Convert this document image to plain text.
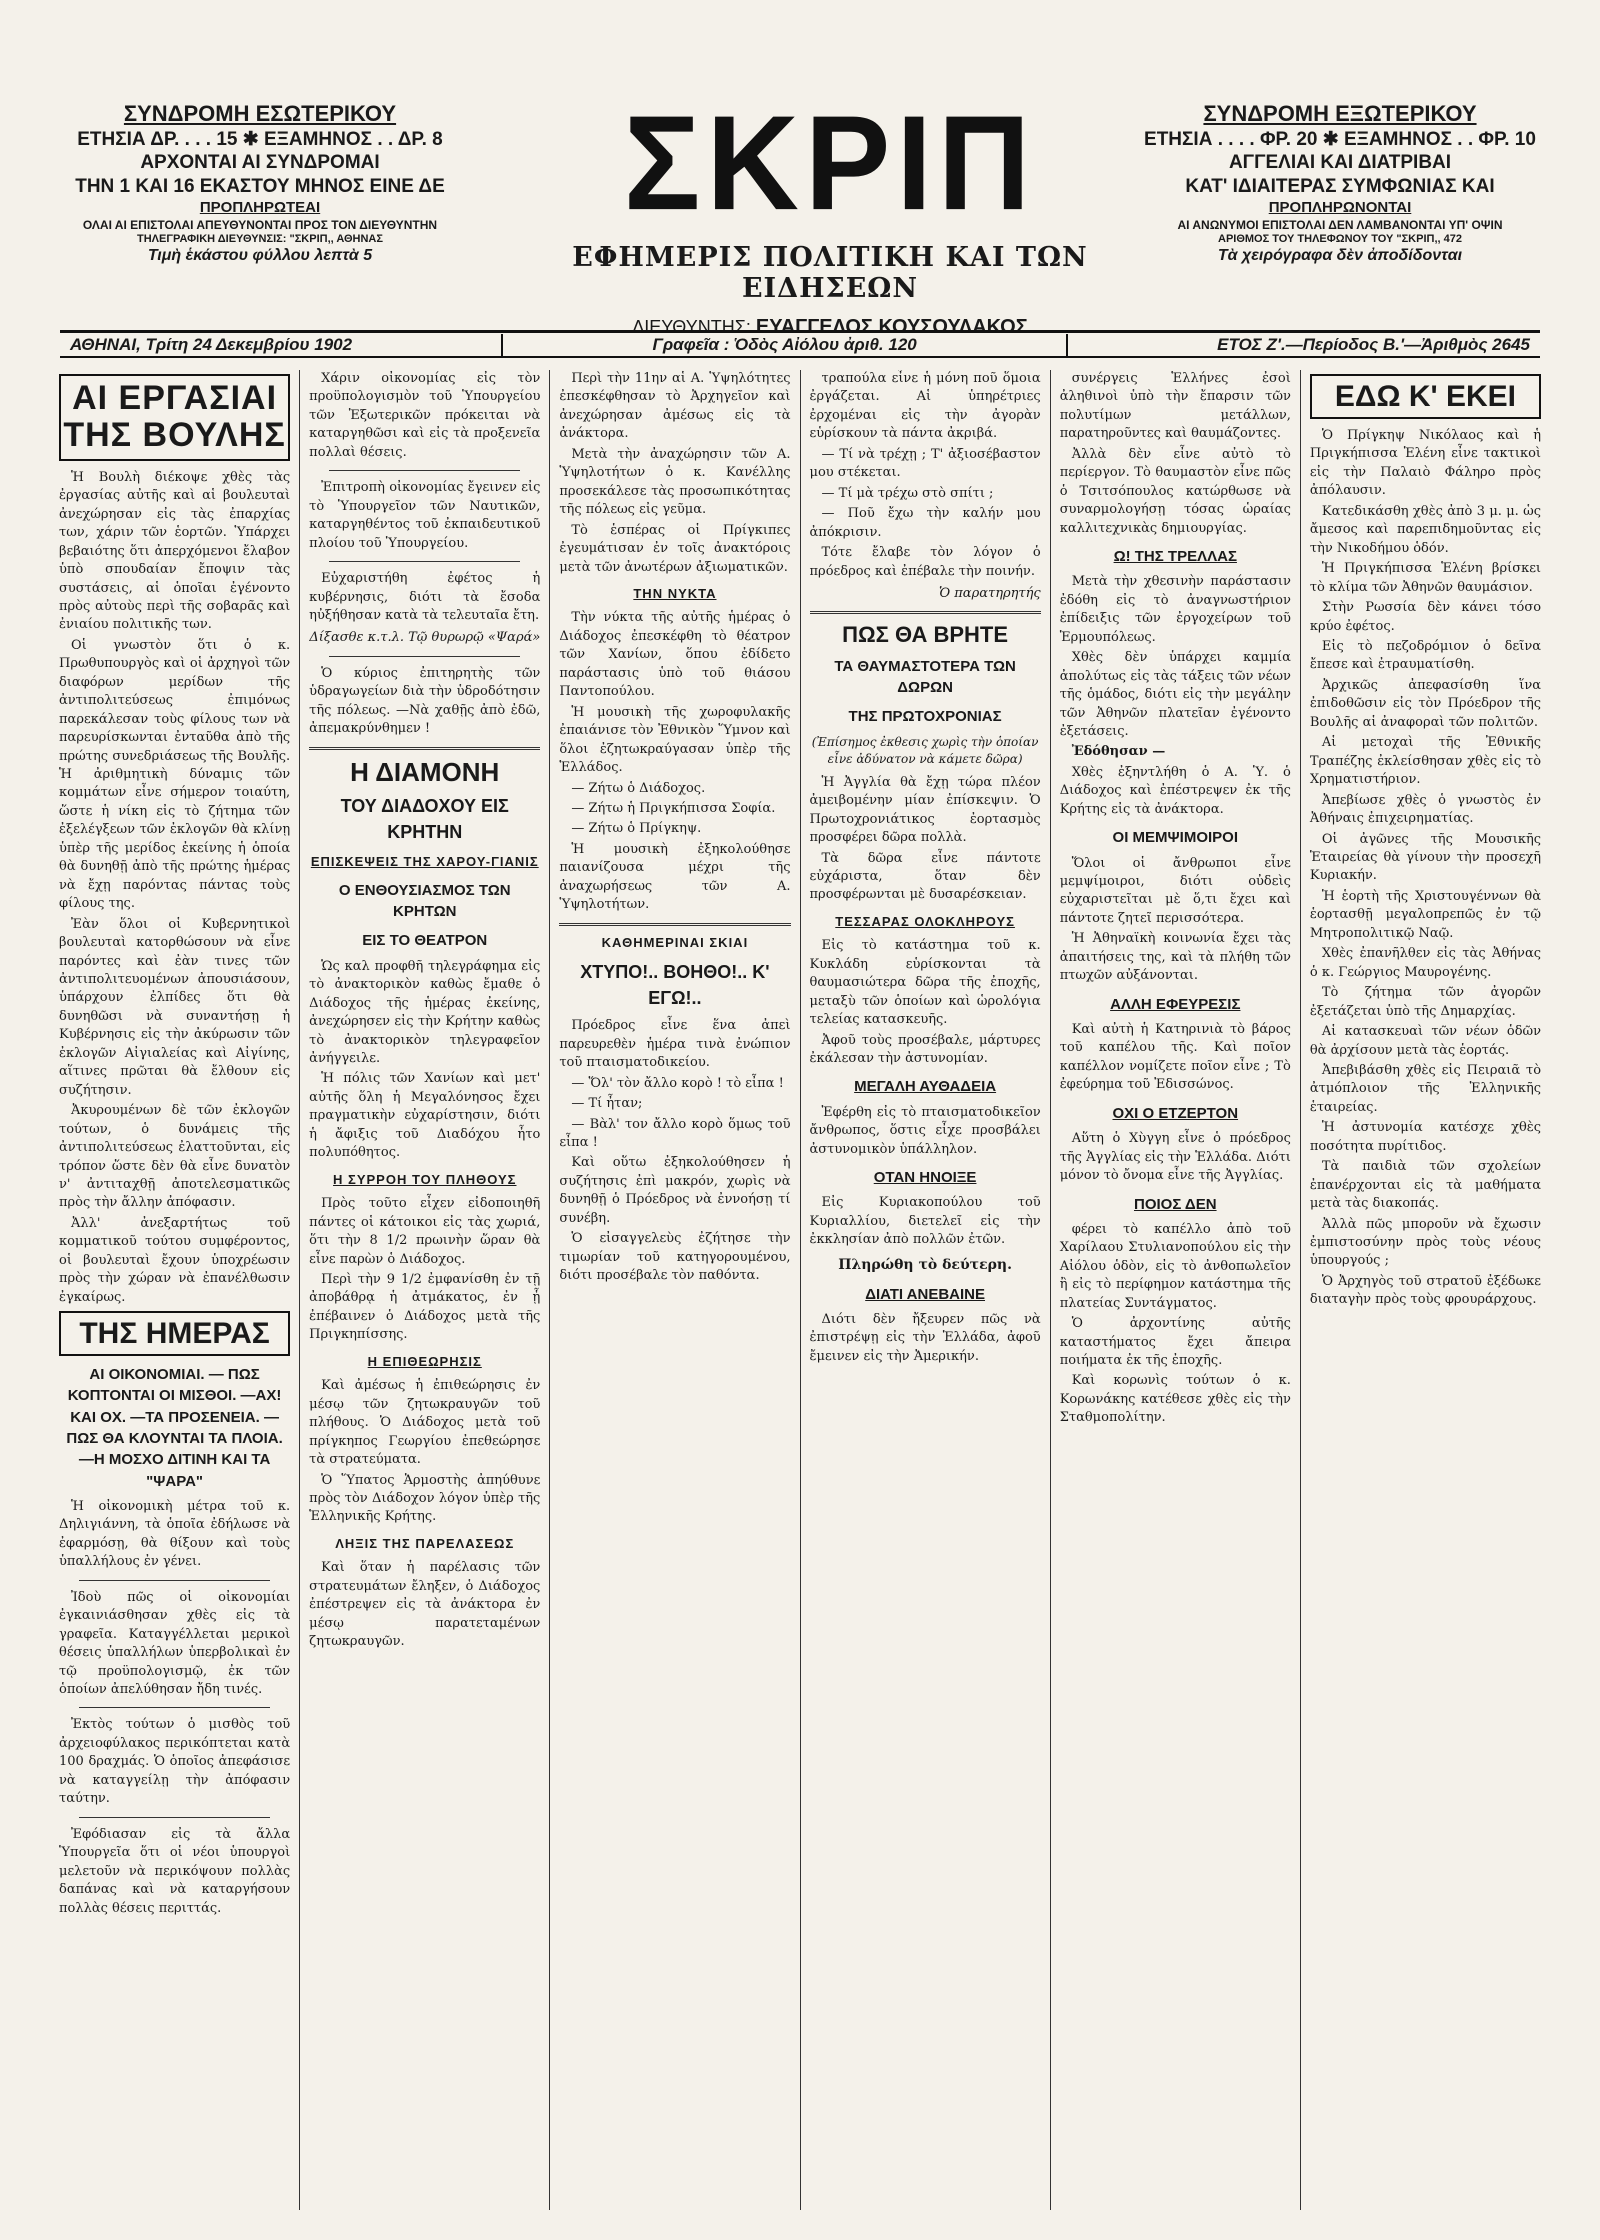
ΣΥΝΔΡΟΜΗ ΕΣΩΤΕΡΙΚΟΥ
ΕΤΗΣΙΑ ΔΡ. . . . 15 ✱ ΕΞΑΜΗΝΟΣ . . ΔΡ. 8
ΑΡΧΟΝΤΑΙ ΑΙ ΣΥΝΔΡΟΜΑΙ
ΤΗΝ 1 ΚΑΙ 16 ΕΚΑΣΤΟΥ ΜΗΝΟΣ ΕΙΝΕ ΔΕ
ΠΡΟΠΛΗΡΩΤΕΑΙ
ΟΛΑΙ ΑΙ ΕΠΙΣΤΟΛΑΙ ΑΠΕΥΘΥΝΟΝΤΑΙ ΠΡΟΣ ΤΟΝ ΔΙΕΥΘΥΝΤΗΝ
ΤΗΛΕΓΡΑΦΙΚΗ ΔΙΕΥΘΥΝΣΙΣ: "ΣΚΡΙΠ,, ΑΘΗΝΑΣ
Τιμὴ ἑκάστου φύλλου λεπτὰ 5
ΣΚΡΙΠ
ΕΦΗΜΕΡΙΣ ΠΟΛΙΤΙΚΗ ΚΑΙ ΤΩΝ ΕΙΔΗΣΕΩΝ
ΔΙΕΥΘΥΝΤΗΣ: ΕΥΑΓΓΕΛΟΣ ΚΟΥΣΟΥΛΑΚΟΣ
ΣΥΝΔΡΟΜΗ ΕΞΩΤΕΡΙΚΟΥ
ΕΤΗΣΙΑ . . . . ΦΡ. 20 ✱ ΕΞΑΜΗΝΟΣ . . ΦΡ. 10
ΑΓΓΕΛΙΑΙ ΚΑΙ ΔΙΑΤΡΙΒΑΙ
ΚΑΤ' ΙΔΙΑΙΤΕΡΑΣ ΣΥΜΦΩΝΙΑΣ ΚΑΙ
ΠΡΟΠΛΗΡΩΝΟΝΤΑΙ
ΑΙ ΑΝΩΝΥΜΟΙ ΕΠΙΣΤΟΛΑΙ ΔΕΝ ΛΑΜΒΑΝΟΝΤΑΙ ΥΠ' ΟΨΙΝ
ΑΡΙΘΜΟΣ ΤΟΥ ΤΗΛΕΦΩΝΟΥ ΤΟΥ "ΣΚΡΙΠ,, 472
Τὰ χειρόγραφα δὲν ἀποδίδονται
ΑΘΗΝΑΙ, Τρίτη 24 Δεκεμβρίου 1902	Γραφεῖα : Ὁδὸς Αἰόλου ἀριθ. 120	ΕΤΟΣ Ζ'.—Περίοδος Β.'—Ἀριθμὸς 2645
ΑΙ ΕΡΓΑΣΙΑΙ
ΤΗΣ ΒΟΥΛΗΣ

Ἡ Βουλὴ διέκοψε χθὲς τὰς ἐργασίας αὐτῆς καὶ αἱ βουλευταὶ ἀνεχώρησαν εἰς τὰς ἐπαρχίας των, χάριν τῶν ἑορτῶν. Ὑπάρχει βεβαιότης ὅτι ἀπερχόμενοι ἔλαβον ὑπὸ σπουδαίαν ἔποψιν τὰς συστάσεις, αἱ ὁποῖαι ἐγένοντο πρὸς αὐτοὺς περὶ τῆς σοβαρᾶς καὶ ἐνιαίου πολιτικῆς των.

Οἱ γνωστὸν ὅτι ὁ κ. Πρωθυπουργὸς καὶ οἱ ἀρχηγοὶ τῶν διαφόρων μερίδων τῆς ἀντιπολιτεύσεως ἐπιμόνως παρεκάλεσαν τοὺς φίλους των νὰ παρευρίσκωνται ἐνταῦθα ἀπὸ τῆς πρώτης συνεδριάσεως τῆς Βουλῆς. Ἡ ἀριθμητικὴ δύναμις τῶν κομμάτων εἶνε σήμερον τοιαύτη, ὥστε ἡ νίκη εἰς τὸ ζήτημα τῶν ἐξελέγξεων τῶν ἐκλογῶν θὰ κλίνῃ ὑπὲρ τῆς μερίδος ἐκείνης ἡ ὁποία θὰ δυνηθῇ ἀπὸ τῆς πρώτης ἡμέρας νὰ ἔχῃ παρόντας πάντας τοὺς φίλους της.

Ἐὰν ὅλοι οἱ Κυβερνητικοὶ βουλευταὶ κατορθώσουν νὰ εἶνε παρόντες καὶ ἐὰν τινες τῶν ἀντιπολιτευομένων ἀπουσιάσουν, ὑπάρχουν ἐλπίδες ὅτι θὰ δυνηθῶσι νὰ συναντήσῃ ἡ Κυβέρνησις εἰς τὴν ἀκύρωσιν τῶν ἐκλογῶν Αἰγιαλείας καὶ Αἰγίνης, αἵτινες πρῶται θὰ ἔλθουν εἰς συζήτησιν.

Ἀκυρουμένων δὲ τῶν ἐκλογῶν τούτων, ὁ δυνάμεις τῆς ἀντιπολιτεύσεως ἐλαττοῦνται, εἰς τρόπον ὥστε δὲν θὰ εἶνε δυνατὸν ν' ἀντιταχθῇ ἀποτελεσματικῶς πρὸς τὴν ἄλλην ἀπόφασιν.

Ἀλλ' ἀνεξαρτήτως τοῦ κομματικοῦ τούτου συμφέροντος, οἱ βουλευταὶ ἔχουν ὑποχρέωσιν πρὸς τὴν χώραν νὰ ἐπανέλθωσιν ἐγκαίρως.

ΤΗΣ ΗΜΕΡΑΣ
ΑΙ ΟΙΚΟΝΟΜΙΑΙ. — ΠΩΣ ΚΟΠΤΟΝΤΑΙ ΟΙ ΜΙΣΘΟΙ. —ΑΧ! ΚΑΙ ΟΧ. —ΤΑ ΠΡΟΣΕΝΕΙΑ. —ΠΩΣ ΘΑ ΚΛΟΥΝΤΑΙ ΤΑ ΠΛΟΙΑ. —Η ΜΟΣΧΟ ΔΙΤΙΝΗ ΚΑΙ ΤΑ "ΨΑΡΑ"

Ἡ οἰκονομικὴ μέτρα τοῦ κ. Δηλιγιάννη, τὰ ὁποῖα ἐδήλωσε νὰ ἐφαρμόσῃ, θὰ θίξουν καὶ τοὺς ὑπαλλήλους ἐν γένει.

Ἰδοὺ πῶς οἱ οἰκονομίαι ἐγκαινιάσθησαν χθὲς εἰς τὰ γραφεῖα. Καταγγέλλεται μερικοὶ θέσεις ὑπαλλήλων ὑπερβολικαὶ ἐν τῷ προϋπολογισμῷ, ἐκ τῶν ὁποίων ἀπελύθησαν ἤδη τινές.

Ἐκτὸς τούτων ὁ μισθὸς τοῦ ἀρχειοφύλακος περικόπτεται κατὰ 100 δραχμάς. Ὁ ὁποῖος ἀπεφάσισε νὰ καταγγείλῃ τὴν ἀπόφασιν ταύτην.

Ἐφόδιασαν εἰς τὰ ἄλλα Ὑπουργεῖα ὅτι οἱ νέοι ὑπουργοὶ μελετοῦν νὰ περικόψουν πολλὰς δαπάνας καὶ νὰ καταργήσουν πολλὰς θέσεις περιττάς.

Χάριν οἰκονομίας εἰς τὸν προϋπολογισμὸν τοῦ Ὑπουργείου τῶν Ἐξωτερικῶν πρόκειται νὰ καταργηθῶσι καὶ εἰς τὰ προξενεῖα πολλαὶ θέσεις.

Ἐπιτροπὴ οἰκονομίας ἔγεινεν εἰς τὸ Ὑπουργεῖον τῶν Ναυτικῶν, καταργηθέντος τοῦ ἐκπαιδευτικοῦ πλοίου τοῦ Ὑπουργείου.

Εὐχαριστήθη ἐφέτος ἡ κυβέρνησις, διότι τὰ ἔσοδα ηὐξήθησαν κατὰ τὰ τελευταῖα ἔτη.

Δίξασθε κ.τ.λ. Τῷ θυρωρῷ «Ψαρά»

Ὁ κύριος ἐπιτηρητὴς τῶν ὑδραγωγείων διὰ τὴν ὑδροδότησιν τῆς πόλεως. —Νὰ χαθῇς ἀπὸ ἐδῶ, ἀπεμακρύνθημεν !

Η ΔΙΑΜΟΝΗ
ΤΟΥ ΔΙΑΔΟΧΟΥ ΕΙΣ ΚΡΗΤΗΝ
ΕΠΙΣΚΕΨΕΙΣ ΤΗΣ ΧΑΡΟΥ-ΓΙΑΝΙΣ
Ο ΕΝΘΟΥΣΙΑΣΜΟΣ ΤΩΝ ΚΡΗΤΩΝ
ΕΙΣ ΤΟ ΘΕΑΤΡΟΝ

Ὡς καλ προφθῆ τηλεγράφημα εἰς τὸ ἀνακτορικὸν καθὼς ἔμαθε ὁ Διάδοχος τῆς ἡμέρας ἐκείνης, ἀνεχώρησεν εἰς τὴν Κρήτην καθὼς τὸ ἀνακτορικὸν τηλεγραφεῖον ἀνήγγειλε.

Ἡ πόλις τῶν Χανίων καὶ μετ' αὐτῆς ὅλη ἡ Μεγαλόνησος ἔχει πραγματικὴν εὐχαρίστησιν, διότι ἡ ἄφιξις τοῦ Διαδόχου ἦτο πολυπόθητος.

Η ΣΥΡΡΟΗ ΤΟΥ ΠΛΗΘΟΥΣ

Πρὸς τοῦτο εἶχεν εἰδοποιηθῆ πάντες οἱ κάτοικοι εἰς τὰς χωριά, ὅτι τὴν 8 1/2 πρωινὴν ὥραν θὰ εἶνε παρὼν ὁ Διάδοχος.

Περὶ τὴν 9 1/2 ἐμφανίσθη ἐν τῇ ἀποβάθρᾳ ἡ ἀτμάκατος, ἐν ᾗ ἐπέβαινεν ὁ Διάδοχος μετὰ τῆς Πριγκηπίσσης.

Η ΕΠΙΘΕΩΡΗΣΙΣ

Καὶ ἀμέσως ἡ ἐπιθεώρησις ἐν μέσῳ τῶν ζητωκραυγῶν τοῦ πλήθους. Ὁ Διάδοχος μετὰ τοῦ πρίγκηπος Γεωργίου ἐπεθεώρησε τὰ στρατεύματα.

Ὁ Ὕπατος Ἁρμοστὴς ἀπηύθυνε πρὸς τὸν Διάδοχον λόγον ὑπὲρ τῆς Ἑλληνικῆς Κρήτης.

ΛΗΞΙΣ ΤΗΣ ΠΑΡΕΛΑΣΕΩΣ

Καὶ ὅταν ἡ παρέλασις τῶν στρατευμάτων ἔληξεν, ὁ Διάδοχος ἐπέστρεψεν εἰς τὰ ἀνάκτορα ἐν μέσῳ παρατεταμένων ζητωκραυγῶν.

Περὶ τὴν 11ην αἱ Α. Ὑψηλότητες ἐπεσκέφθησαν τὸ Ἀρχηγεῖον καὶ ἀνεχώρησαν ἀμέσως εἰς τὰ ἀνάκτορα.

Μετὰ τὴν ἀναχώρησιν τῶν Α. Ὑψηλοτήτων ὁ κ. Κανέλλης προσεκάλεσε τὰς προσωπικότητας τῆς πόλεως εἰς γεῦμα.

Τὸ ἑσπέρας οἱ Πρίγκιπες ἐγευμάτισαν ἐν τοῖς ἀνακτόροις μετὰ τῶν ἀνωτέρων ἀξιωματικῶν.

ΤΗΝ ΝΥΚΤΑ

Τὴν νύκτα τῆς αὐτῆς ἡμέρας ὁ Διάδοχος ἐπεσκέφθη τὸ θέατρον τῶν Χανίων, ὅπου ἐδίδετο παράστασις ὑπὸ τοῦ θιάσου Παντοπούλου.

Ἡ μουσικὴ τῆς χωροφυλακῆς ἐπαιάνισε τὸν Ἐθνικὸν Ὕμνον καὶ ὅλοι ἐζητωκραύγασαν ὑπὲρ τῆς Ἑλλάδος.

— Ζήτω ὁ Διάδοχος.

— Ζήτω ἡ Πριγκήπισσα Σοφία.

— Ζήτω ὁ Πρίγκηψ.

Ἡ μουσικὴ ἐξηκολούθησε παιανίζουσα μέχρι τῆς ἀναχωρήσεως τῶν Α. Ὑψηλοτήτων.

ΚΑΘΗΜΕΡΙΝΑΙ ΣΚΙΑΙ
ΧΤΥΠΟ!.. ΒΟΗΘΟ!.. Κ' ΕΓΩ!..

Πρόεδρος εἶνε ἕνα ἀπεὶ παρευρεθὲν ἡμέρα τινὰ ἐνώπιον τοῦ πταισματοδικείου.

— Ὅλ' τὸν ἄλλο κορὸ ! τὸ εἶπα !

— Τί ἦταν;

— Βὰλ' τον ἄλλο κορὸ ὅμως τοῦ εἶπα !

Καὶ οὕτω ἐξηκολούθησεν ἡ συζήτησις ἐπὶ μακρόν, χωρὶς νὰ δυνηθῇ ὁ Πρόεδρος νὰ ἐννοήσῃ τί συνέβη.

Ὁ εἰσαγγελεὺς ἐζήτησε τὴν τιμωρίαν τοῦ κατηγορουμένου, διότι προσέβαλε τὸν παθόντα.

τραπούλα εἶνε ἡ μόνη ποῦ ὅμοια ἐργάζεται. Αἱ ὑπηρέτριες ἐρχομέναι εἰς τὴν ἀγορὰν εὑρίσκουν τὰ πάντα ἀκριβά.

— Τί νὰ τρέχῃ ; Τ' ἀξιοσέβαστον μου στέκεται.

— Τί μὰ τρέχω στὸ σπίτι ;

— Ποῦ ἔχω τὴν καλήν μου ἀπόκρισιν.

Τότε ἔλαβε τὸν λόγον ὁ πρόεδρος καὶ ἐπέβαλε τὴν ποινήν.

Ὁ παρατηρητής
ΠΩΣ ΘΑ ΒΡΗΤΕ
ΤΑ ΘΑΥΜΑΣΤΟΤΕΡΑ ΤΩΝ ΔΩΡΩΝ
ΤΗΣ ΠΡΩΤΟΧΡΟΝΙΑΣ
(Ἐπίσημος ἐκθεσις χωρὶς τὴν ὁποίαν εἶνε ἀδύνατον νὰ κάμετε δῶρα)

Ἡ Ἀγγλία θὰ ἔχῃ τώρα πλέον ἀμειβομένην μίαν ἐπίσκεψιν. Ὁ Πρωτοχρονιάτικος ἐορτασμὸς προσφέρει δῶρα πολλὰ.

Τὰ δῶρα εἶνε πάντοτε εὐχάριστα, ὅταν δὲν προσφέρωνται μὲ δυσαρέσκειαν.

ΤΕΣΣΑΡΑΣ ΟΛΟΚΛΗΡΟΥΣ

Εἰς τὸ κατάστημα τοῦ κ. Κυκλάδη εὑρίσκονται τὰ θαυμασιώτερα δῶρα τῆς ἐποχῆς, μεταξὺ τῶν ὁποίων καὶ ὡρολόγια τελείας κατασκευῆς.

Ἀφοῦ τοὺς προσέβαλε, μάρτυρες ἐκάλεσαν τὴν ἀστυνομίαν.

ΜΕΓΑΛΗ ΑΥΘΑΔΕΙΑ

Ἐφέρθη εἰς τὸ πταισματοδικεῖον ἄνθρωπος, ὅστις εἶχε προσβάλει ἀστυνομικὸν ὑπάλληλον.

ΟΤΑΝ ΗΝΟΙΞΕ

Εἰς Κυριακοπούλου τοῦ Κυριαλλίου, διετελεῖ εἰς τὴν ἐκκλησίαν ἀπὸ πολλῶν ἐτῶν.

Πληρώθη τὸ δεύτερη.
ΔΙΑΤΙ ΑΝΕΒΑΙΝΕ

Διότι δὲν ἤξευρεν πῶς νὰ ἐπιστρέψῃ εἰς τὴν Ἑλλάδα, ἀφοῦ ἔμεινεν εἰς τὴν Ἀμερικήν.

συνέργεις Ἑλλήνες ἐσοὶ ἀληθινοὶ ὑπὸ τὴν ἔπαρσιν τῶν πολυτίμων μετάλλων, παρατηροῦντες καὶ θαυμάζοντες.

Ἀλλὰ δὲν εἶνε αὐτὸ τὸ περίεργον. Τὸ θαυμαστὸν εἶνε πῶς ὁ Τσιτσόπουλος κατώρθωσε νὰ συναρμολογήσῃ τόσας ὡραίας καλλιτεχνικὰς δημιουργίας.

Ω! ΤΗΣ ΤΡΕΛΛΑΣ

Μετὰ τὴν χθεσινὴν παράστασιν ἐδόθη εἰς τὸ ἀναγνωστήριον ἐπίδειξις τῶν ἐργοχείρων τοῦ Ἑρμουπόλεως.

Χθὲς δὲν ὑπάρχει καμμία ἀπολύτως εἰς τὰς τάξεις τῶν νέων τῆς ὁμάδος, διότι εἰς τὴν μεγάλην τῶν Ἀθηνῶν πλατεῖαν ἐγένοντο ἐξετάσεις.

Ἐδόθησαν —

Χθὲς ἐξηντλήθη ὁ Α. Ὑ. ὁ Διάδοχος καὶ ἐπέστρεψεν ἐκ τῆς Κρήτης εἰς τὰ ἀνάκτορα.

ΟΙ ΜΕΜΨΙΜΟΙΡΟΙ

Ὅλοι οἱ ἄνθρωποι εἶνε μεμψίμοιροι, διότι οὐδεὶς εὐχαριστεῖται μὲ ὅ,τι ἔχει καὶ πάντοτε ζητεῖ περισσότερα.

Ἡ Ἀθηναϊκὴ κοινωνία ἔχει τὰς ἀπαιτήσεις της, καὶ τὰ πλήθη τῶν πτωχῶν αὐξάνονται.

ΑΛΛΗ ΕΦΕΥΡΕΣΙΣ

Καὶ αὐτὴ ἡ Κατηρινιὰ τὸ βάρος τοῦ καπέλου τῆς. Καὶ ποῖον καπέλλον νομίζετε ποῖον εἶνε ; Τὸ ἐφεύρημα τοῦ Ἐδισσώνος.

ΟΧΙ Ο ΕΤΖΕΡΤΟΝ

Αὕτη ὁ Χὺγγη εἶνε ὁ πρόεδρος τῆς Ἀγγλίας εἰς τὴν Ἑλλάδα. Διότι μόνον τὸ ὄνομα εἶνε τῆς Ἀγγλίας.

ΠΟΙΟΣ ΔΕΝ

φέρει τὸ καπέλλο ἀπὸ τοῦ Χαρίλαου Στυλιανοπούλου εἰς τὴν Αἰόλου ὁδὸν, εἰς τὸ ἀνθοπωλεῖον ἢ εἰς τὸ περίφημον κατάστημα τῆς πλατείας Συντάγματος.

Ὁ ἀρχοντίνης αὐτῆς καταστήματος ἔχει ἄπειρα ποιήματα ἐκ τῆς ἐποχῆς.

Καὶ κορωνὶς τούτων ὁ κ. Κορωνάκης κατέθεσε χθὲς εἰς τὴν Σταθμοπολίτην.

ΕΔΩ Κ' ΕΚΕΙ

Ὁ Πρίγκηψ Νικόλαος καὶ ἡ Πριγκήπισσα Ἑλένη εἶνε τακτικοὶ εἰς τὴν Παλαιὸ Φάληρο πρὸς ἀπόλαυσιν.

Κατεδικάσθη χθὲς ἀπὸ 3 μ. μ. ὡς ἄμεσος καὶ παρεπιδημοῦντας εἰς τὴν Νικοδήμου ὁδόν.

Ἡ Πριγκήπισσα Ἑλένη βρίσκει τὸ κλίμα τῶν Ἀθηνῶν θαυμάσιον.

Στὴν Ρωσσία δὲν κάνει τόσο κρύο ἐφέτος.

Εἰς τὸ πεζοδρόμιον ὁ δεῖνα ἔπεσε καὶ ἐτραυματίσθη.

Ἀρχικῶς ἀπεφασίσθη ἵνα ἐπιδοθῶσιν εἰς τὸν Πρόεδρον τῆς Βουλῆς αἱ ἀναφοραὶ τῶν πολιτῶν.

Αἱ μετοχαὶ τῆς Ἐθνικῆς Τραπέζης ἐκλείσθησαν χθὲς εἰς τὸ Χρηματιστήριον.

Ἀπεβίωσε χθὲς ὁ γνωστὸς ἐν Ἀθήναις ἐπιχειρηματίας.

Οἱ ἀγῶνες τῆς Μουσικῆς Ἑταιρείας θὰ γίνουν τὴν προσεχῆ Κυριακήν.

Ἡ ἑορτὴ τῆς Χριστουγέννων θὰ ἑορτασθῇ μεγαλοπρεπῶς ἐν τῷ Μητροπολιτικῷ Ναῷ.

Χθὲς ἐπανῆλθεν εἰς τὰς Ἀθήνας ὁ κ. Γεώργιος Μαυρογένης.

Τὸ ζήτημα τῶν ἀγορῶν ἐξετάζεται ὑπὸ τῆς Δημαρχίας.

Αἱ κατασκευαὶ τῶν νέων ὁδῶν θὰ ἀρχίσουν μετὰ τὰς ἑορτάς.

Ἀπεβιβάσθη χθὲς εἰς Πειραιᾶ τὸ ἀτμόπλοιον τῆς Ἑλληνικῆς ἑταιρείας.

Ἡ ἀστυνομία κατέσχε χθὲς ποσότητα πυρίτιδος.

Τὰ παιδιὰ τῶν σχολείων ἐπανέρχονται εἰς τὰ μαθήματα μετὰ τὰς διακοπάς.

Ἀλλὰ πῶς μποροῦν νὰ ἔχωσιν ἐμπιστοσύνην πρὸς τοὺς νέους ὑπουργούς ;

Ὁ Ἀρχηγὸς τοῦ στρατοῦ ἐξέδωκε διαταγὴν πρὸς τοὺς φρουράρχους.
